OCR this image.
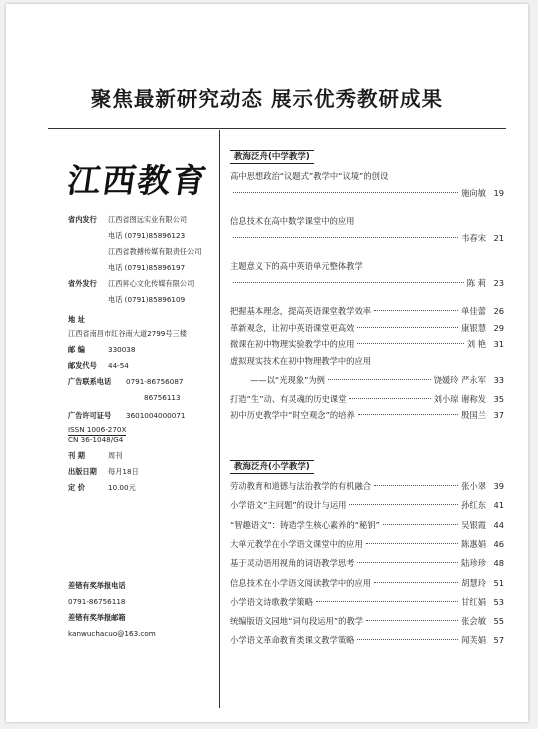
聚焦最新研究动态 展示优秀教研成果
江西教育
省内发行 江西省图远实业有限公司
电话 (0791)85896123
江西省教搏传媒有限责任公司
电话 (0791)85896197
省外发行 江西昇心文化传媒有限公司
电话 (0791)85896109
地 址
江西省南昌市红谷南大道2799号三楼
邮 编	330038
邮发代号 44-54
广告联系电话 0791-86756087
86756113
广告许可证号 3601004000071
ISSN 1006-270X
CN 36-1048/G4
刊 期	周刊
出版日期 每月18日
定 价	10.00元
差错有奖举报电话
0791-86756118
差错有奖举报邮箱
kanwuchacuo@163.com
教海泛舟(中学教学)
高中思想政治“议题式”教学中“议境”的创设
施向敏 19
信息技术在高中数学课堂中的应用
韦春宋 21
主题意义下的高中英语单元整体教学
陈 莉 23
把握基本理念，提高英语课堂教学效率	单佳蕾 26
革新观念，让初中英语课堂更高效	康银慧 29
微课在初中物理实验教学中的应用	刘 艳 31
虚拟现实技术在初中物理教学中的应用
——以“光现象”为例	饶媛玲 严永军 33
打造“生”动、有灵魂的历史课堂	刘小琼 谢称发 35
初中历史教学中“时空观念”的培养	殷国兰 37
教海泛舟(小学教学)
劳动教育和道德与法治教学的有机融合	张小翠 39
小学语文“主问题”的设计与运用	孙红东 41
“智趣语文”：铸造学生核心素养的“秘钥”	吴银霞 44
大单元教学在小学语文课堂中的应用	陈惠娟 46
基于灵动语用视角的词语教学思考	陆珍珍 48
信息技术在小学语文阅读教学中的应用	胡慧玲 51
小学语文诗歌教学策略	甘红娟 53
统编版语文园地“词句段运用”的教学	张会敏 55
小学语文革命教育类课文教学策略	闻芙娟 57
